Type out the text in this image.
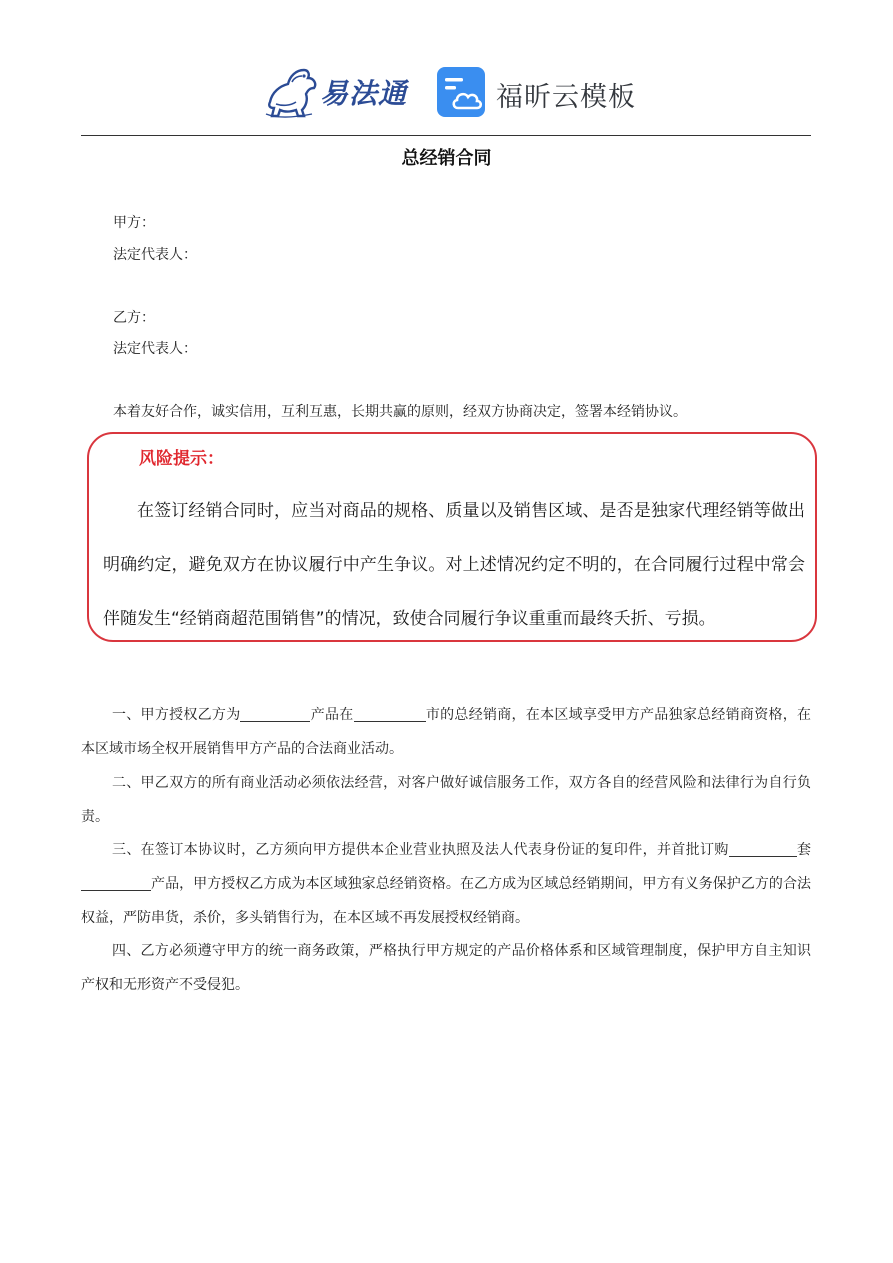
易法通	福昕云模板
总经销合同
甲方：
法定代表人：
乙方：
法定代表人：
本着友好合作，诚实信用，互利互惠，长期共赢的原则，经双方协商决定，签署本经销协议。
风险提示：
在签订经销合同时，应当对商品的规格、质量以及销售区域、是否是独家代理经销等做出明确约定，避免双方在协议履行中产生争议。对上述情况约定不明的，在合同履行过程中常会伴随发生“经销商超范围销售”的情况，致使合同履行争议重重而最终夭折、亏损。
一、甲方授权乙方为	产品在	市的总经销商，在本区域享受甲方产品独家总经销商资格，在本区域市场全权开展销售甲方产品的合法商业活动。
二、甲乙双方的所有商业活动必须依法经营，对客户做好诚信服务工作，双方各自的经营风险和法律行为自行负责。
三、在签订本协议时，乙方须向甲方提供本企业营业执照及法人代表身份证的复印件，并首批订购	套产品，甲方授权乙方成为本区域独家总经销资格。在乙方成为区域总经销期间，甲方有义务保护乙方的合法权益，严防串货，杀价，多头销售行为，在本区域不再发展授权经销商。
四、乙方必须遵守甲方的统一商务政策，严格执行甲方规定的产品价格体系和区域管理制度，保护甲方自主知识产权和无形资产不受侵犯。
